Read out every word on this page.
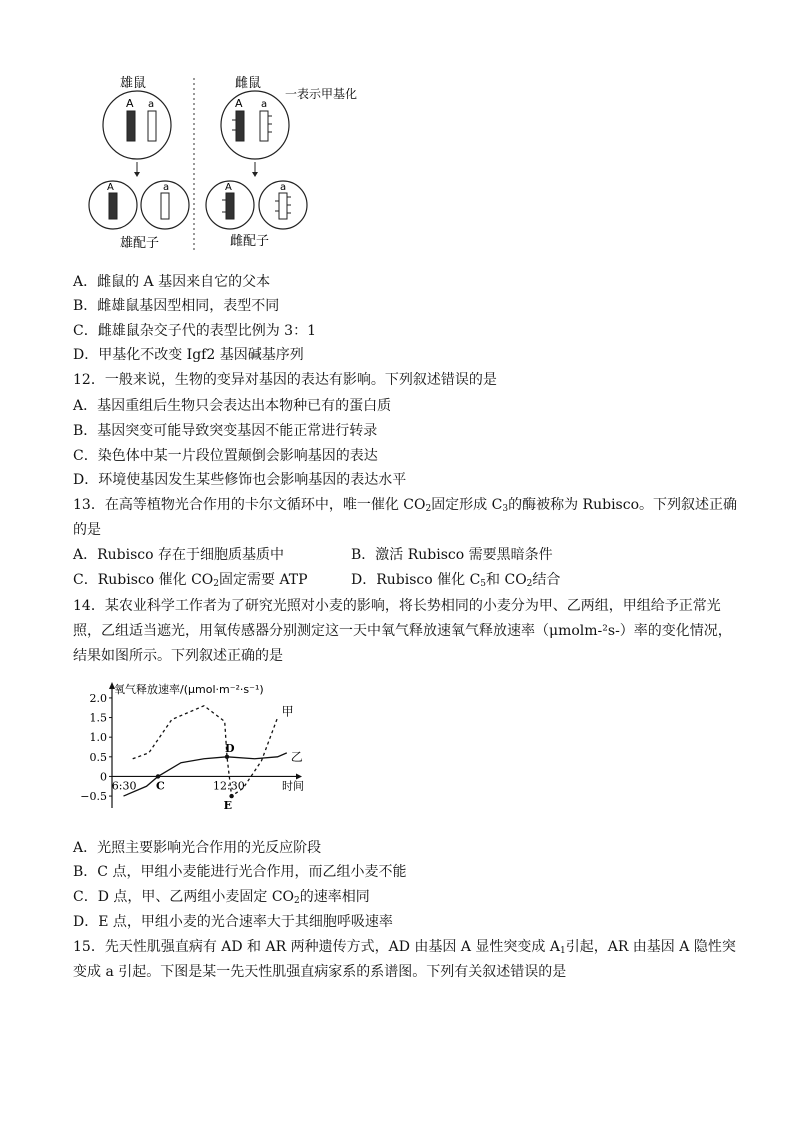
雄鼠	雌鼠
一表示甲基化
A a	A a
A	a	A	a
雄配子	雌配子
A．雌鼠的 A 基因来自它的父本
B．雌雄鼠基因型相同，表型不同
C．雌雄鼠杂交子代的表型比例为 3：1
D．甲基化不改变 Igf2 基因碱基序列
12．一般来说，生物的变异对基因的表达有影响。下列叙述错误的是
A．基因重组后生物只会表达出本物种已有的蛋白质
B．基因突变可能导致突变基因不能正常进行转录
C．染色体中某一片段位置颠倒会影响基因的表达
D．环境使基因发生某些修饰也会影响基因的表达水平
13．在高等植物光合作用的卡尔文循环中，唯一催化 $CO_2$固定形成 $C_3$的酶被称为 Rubisco。下列叙述正确
的是
A．Rubisco 存在于细胞质基质中	B．激活 Rubisco 需要黑暗条件
C．Rubisco 催化 $CO_2$固定需要 ATP	D．Rubisco 催化 $C_5$和 $CO_2$结合
14．某农业科学工作者为了研究光照对小麦的影响，将长势相同的小麦分为甲、乙两组，甲组给予正常光
照，乙组适当遮光，用氧传感器分别测定这一天中氧气释放速氧气释放速率（μmolm-²s-）率的变化情况，
结果如图所示。下列叙述正确的是
氧气释放速率/(μmol·m⁻²·s⁻¹)
2.0
1.5
1.0
0.5
0
−0.5
6:30	12:30	时间
甲
乙
C
D
E
A．光照主要影响光合作用的光反应阶段
B．C 点，甲组小麦能进行光合作用，而乙组小麦不能
C．D 点，甲、乙两组小麦固定 $CO_2$的速率相同
D．E 点，甲组小麦的光合速率大于其细胞呼吸速率
15．先天性肌强直病有 AD 和 AR 两种遗传方式，AD 由基因 A 显性突变成 $A_1$引起，AR 由基因 A 隐性突
变成 a 引起。下图是某一先天性肌强直病家系的系谱图。下列有关叙述错误的是
